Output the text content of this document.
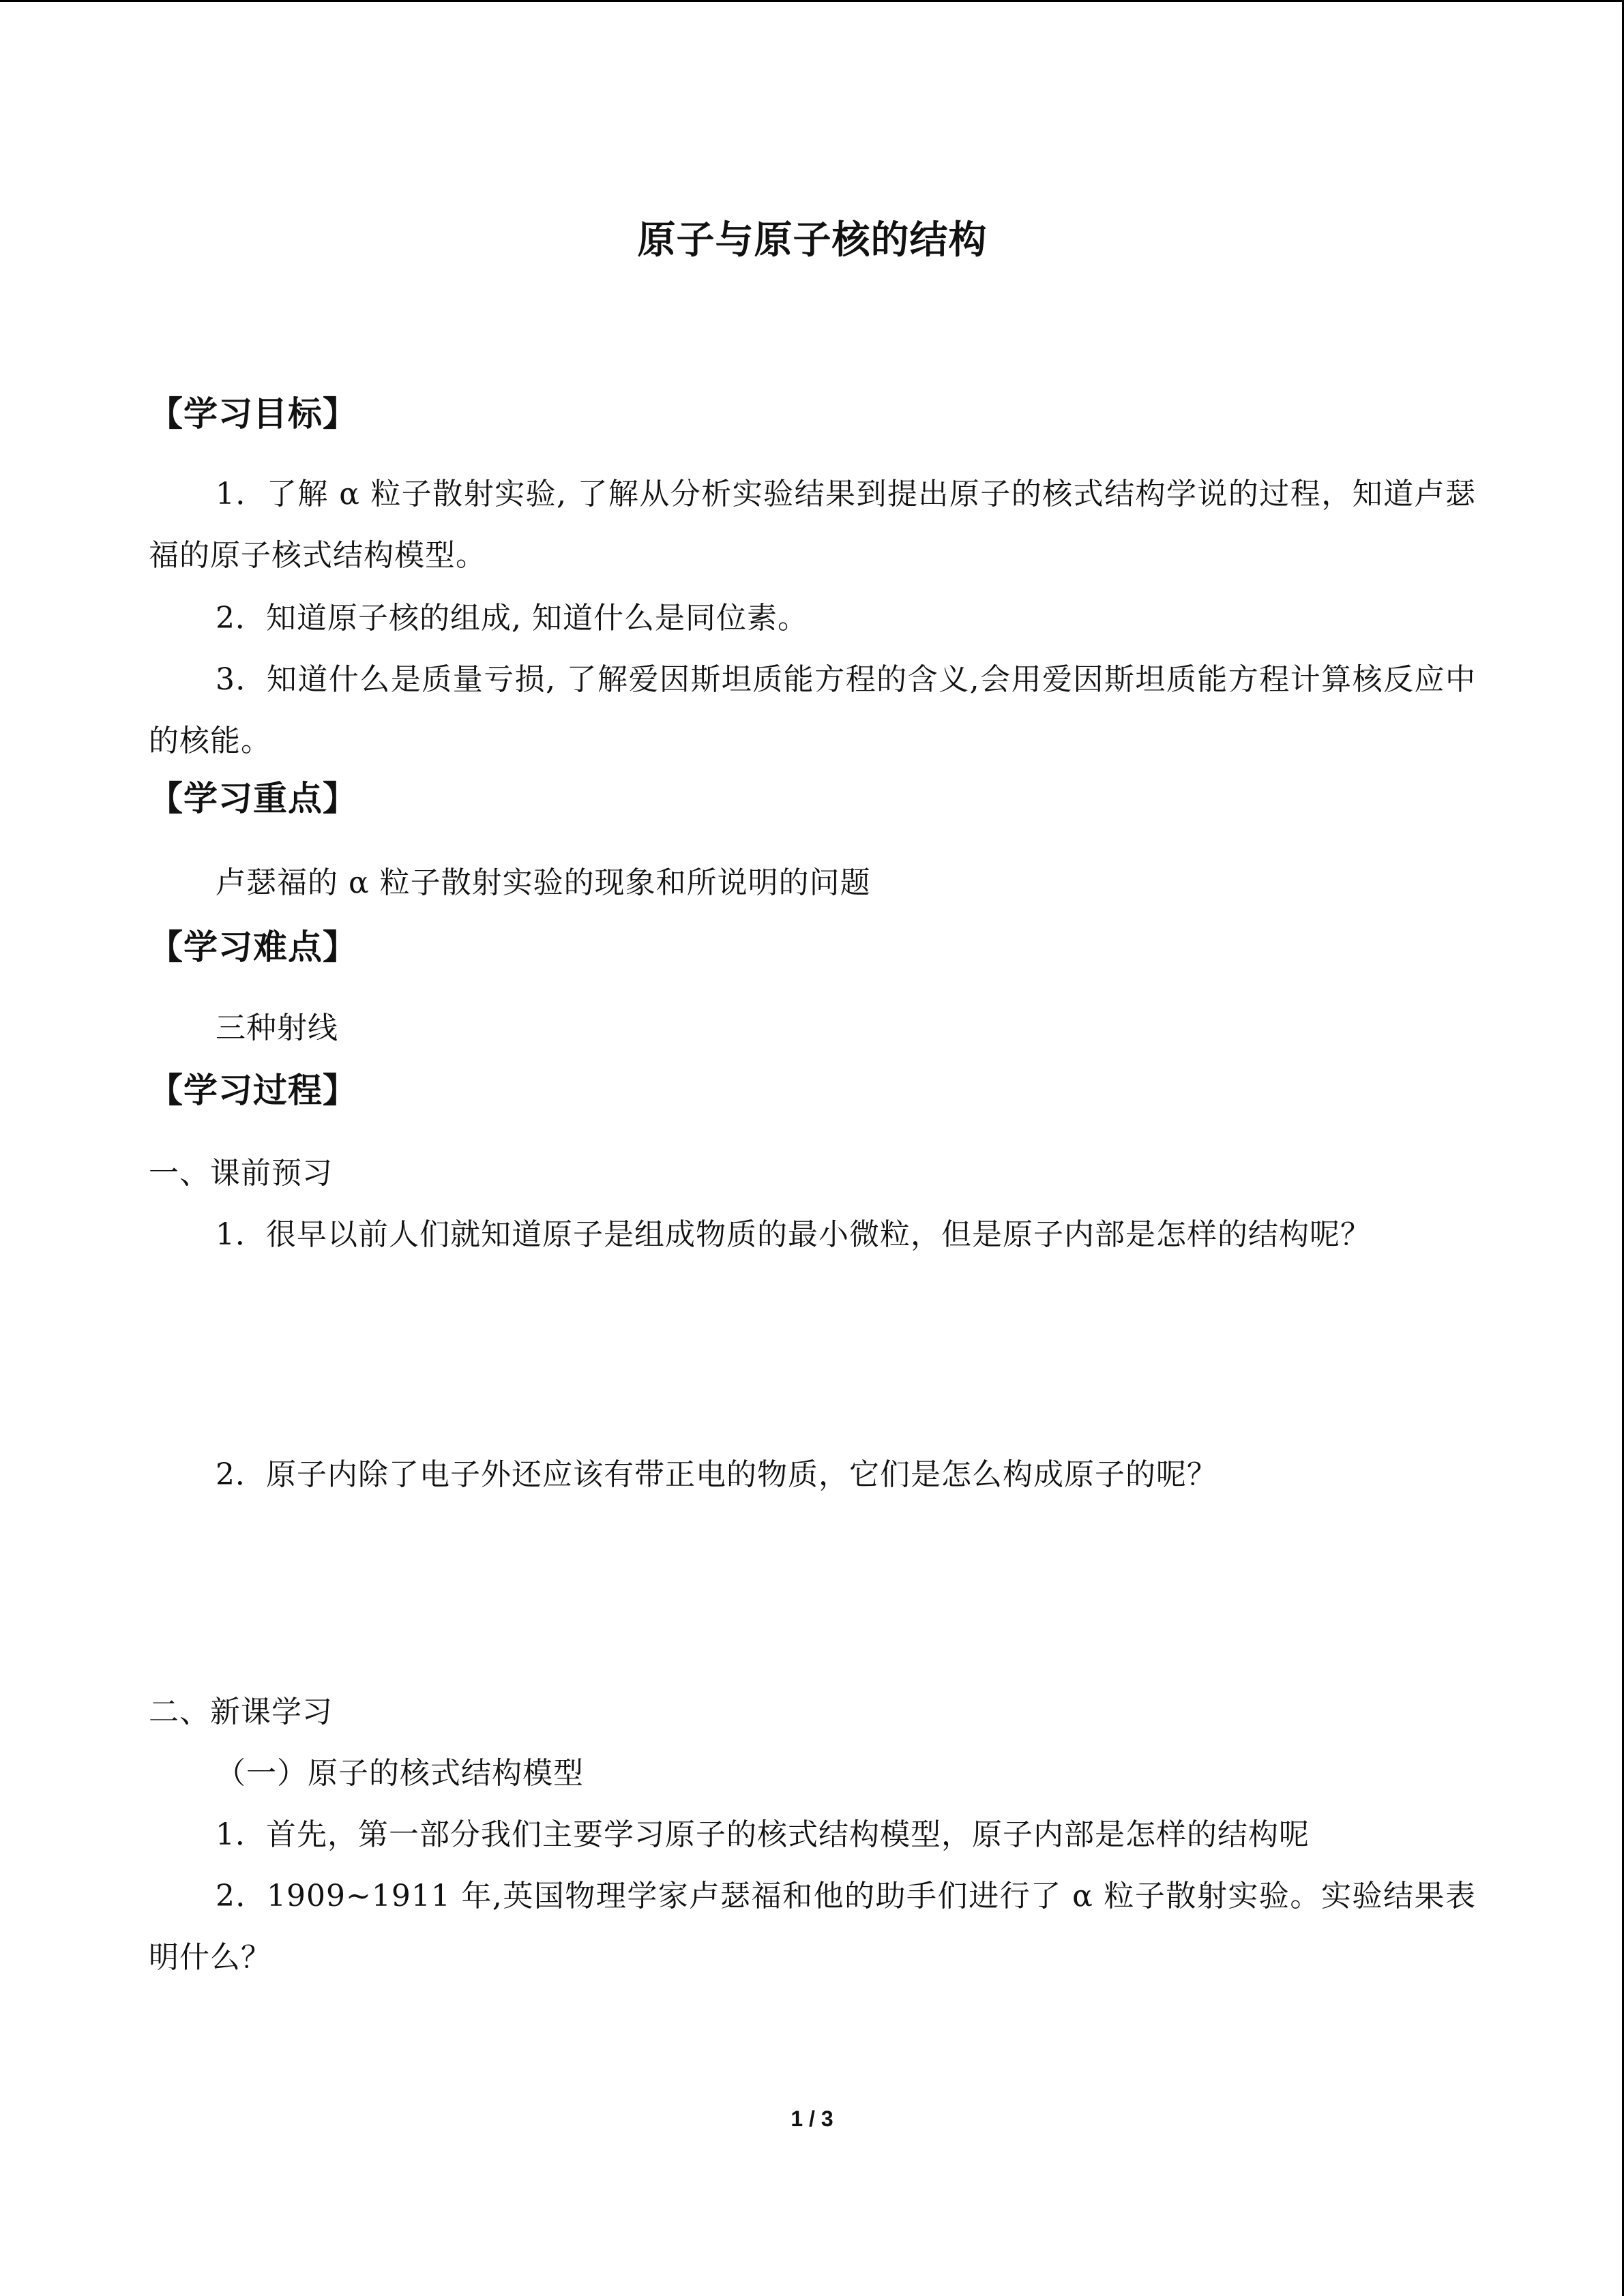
原子与原子核的结构
【学习目标】
1．了解 α 粒子散射实验, 了解从分析实验结果到提出原子的核式结构学说的过程，知道卢瑟福的原子核式结构模型。
2．知道原子核的组成, 知道什么是同位素。
3．知道什么是质量亏损, 了解爱因斯坦质能方程的含义,会用爱因斯坦质能方程计算核反应中的核能。
【学习重点】
卢瑟福的 α 粒子散射实验的现象和所说明的问题
【学习难点】
三种射线
【学习过程】
一、课前预习
1．很早以前人们就知道原子是组成物质的最小微粒，但是原子内部是怎样的结构呢？
2．原子内除了电子外还应该有带正电的物质，它们是怎么构成原子的呢？
二、新课学习
（一）原子的核式结构模型
1．首先，第一部分我们主要学习原子的核式结构模型，原子内部是怎样的结构呢
2．1909~1911 年,英国物理学家卢瑟福和他的助手们进行了 α 粒子散射实验。实验结果表明什么？
1 / 3
